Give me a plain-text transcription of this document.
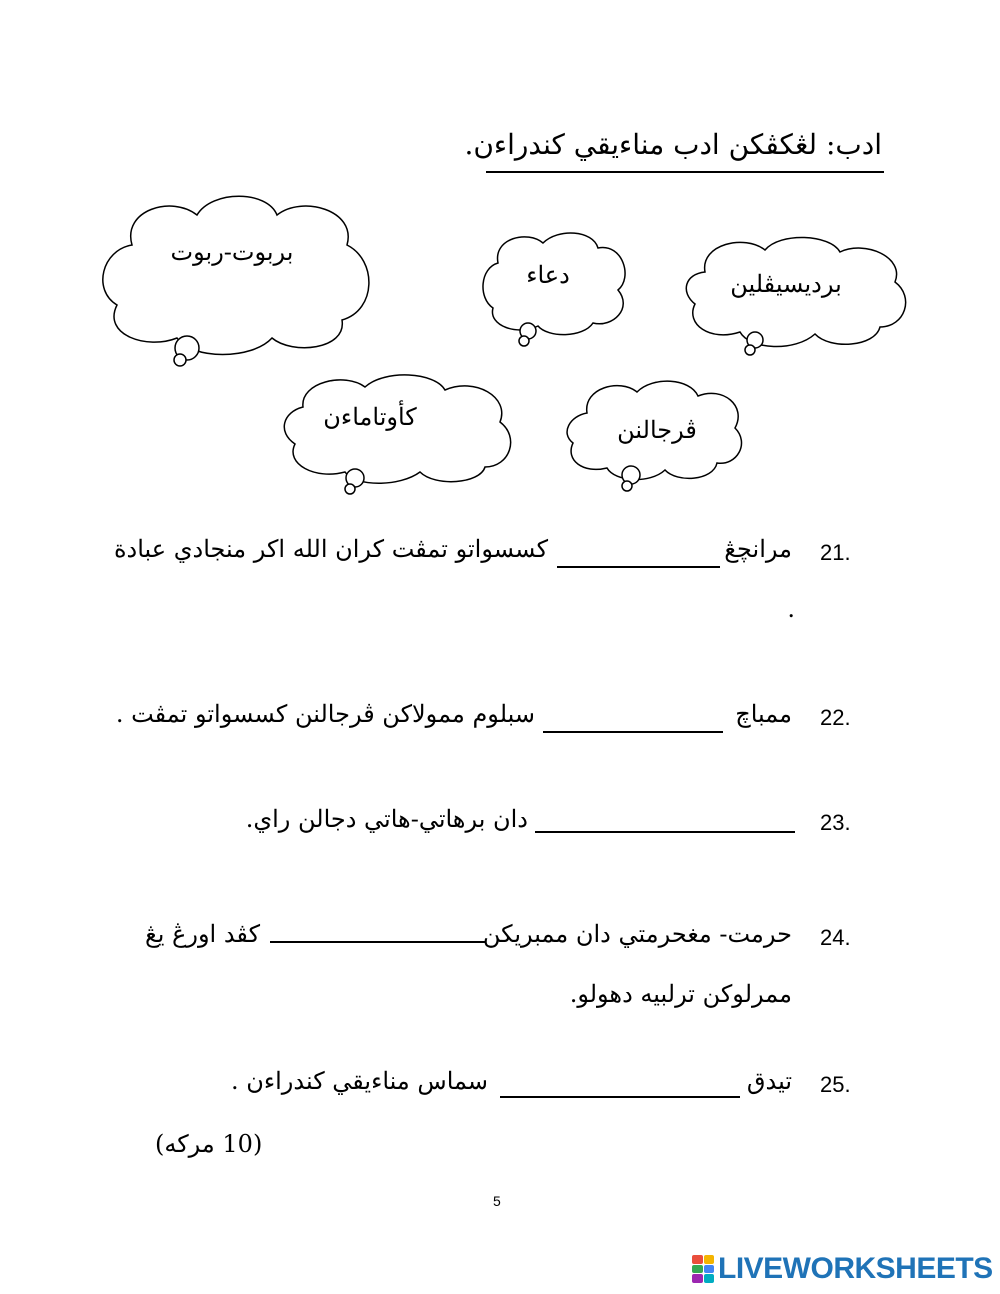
ادب: لڠكڤكن ادب مناءيقي كندراءن.
بربوت-ربوت
دعاء	برديسيڤلين
كأوتاماءن	ڤرجالنن
21.
مرانچڠ
كسسواتو تمڤت كران الله اكر منجادي عبادة
.
22.
ممباچ
سبلوم ممولاكن ڤرجالنن كسسواتو تمڤت .
23.
دان برهاتي-هاتي دجالن راي.
24.
حرمت- مغحرمتي دان ممبريكن
كڤد اورڠ يڠ
ممرلوكن ترلبيه دهولو.
25.
تيدق
سماس مناءيقي كندراءن .
(10 مركه)
5
LIVEWORKSHEETS
